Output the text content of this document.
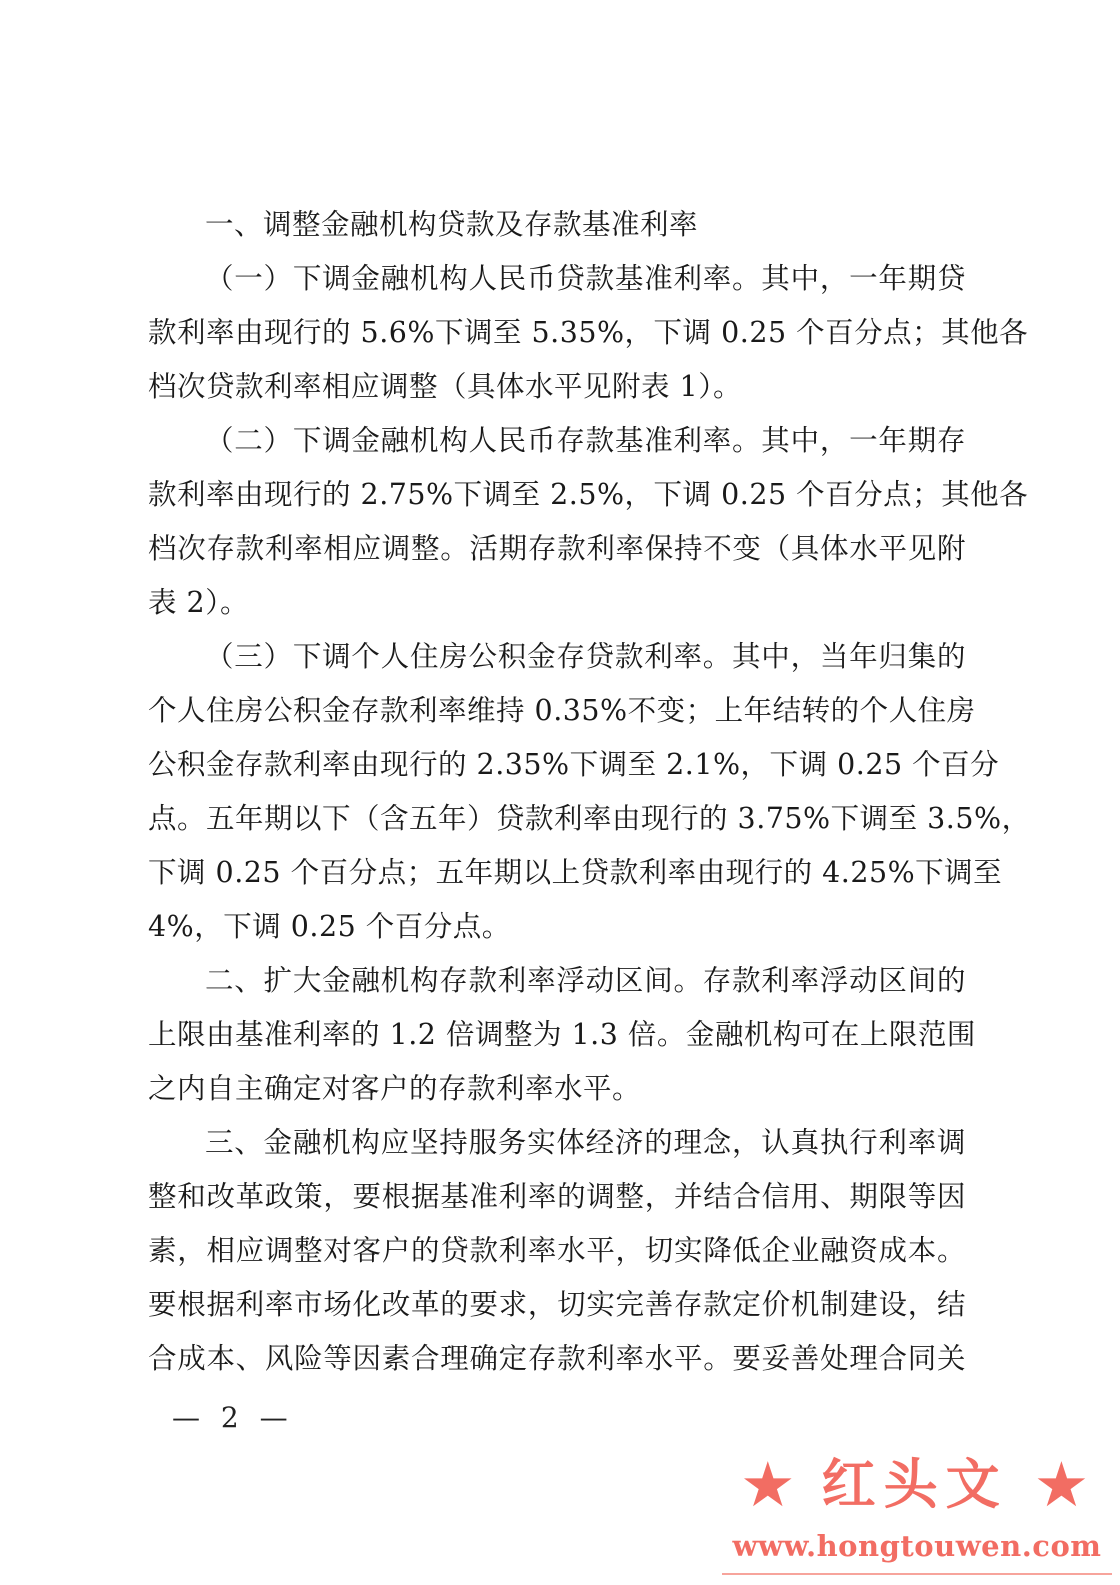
一、调整金融机构贷款及存款基准利率
（一）下调金融机构人民币贷款基准利率。其中，一年期贷
款利率由现行的 5.6%下调至 5.35%，下调 0.25 个百分点；其他各
档次贷款利率相应调整（具体水平见附表 1）。
（二）下调金融机构人民币存款基准利率。其中，一年期存
款利率由现行的 2.75%下调至 2.5%，下调 0.25 个百分点；其他各
档次存款利率相应调整。活期存款利率保持不变（具体水平见附
表 2）。
（三）下调个人住房公积金存贷款利率。其中，当年归集的
个人住房公积金存款利率维持 0.35%不变；上年结转的个人住房
公积金存款利率由现行的 2.35%下调至 2.1%，下调 0.25 个百分
点。五年期以下（含五年）贷款利率由现行的 3.75%下调至 3.5%，
下调 0.25 个百分点；五年期以上贷款利率由现行的 4.25%下调至
4%，下调 0.25 个百分点。
二、扩大金融机构存款利率浮动区间。存款利率浮动区间的
上限由基准利率的 1.2 倍调整为 1.3 倍。金融机构可在上限范围
之内自主确定对客户的存款利率水平。
三、金融机构应坚持服务实体经济的理念，认真执行利率调
整和改革政策，要根据基准利率的调整，并结合信用、期限等因
素，相应调整对客户的贷款利率水平，切实降低企业融资成本。
要根据利率市场化改革的要求，切实完善存款定价机制建设，结
合成本、风险等因素合理确定存款利率水平。要妥善处理合同关
— 2 —
★ 红头文 ★
www.hongtouwen.com
